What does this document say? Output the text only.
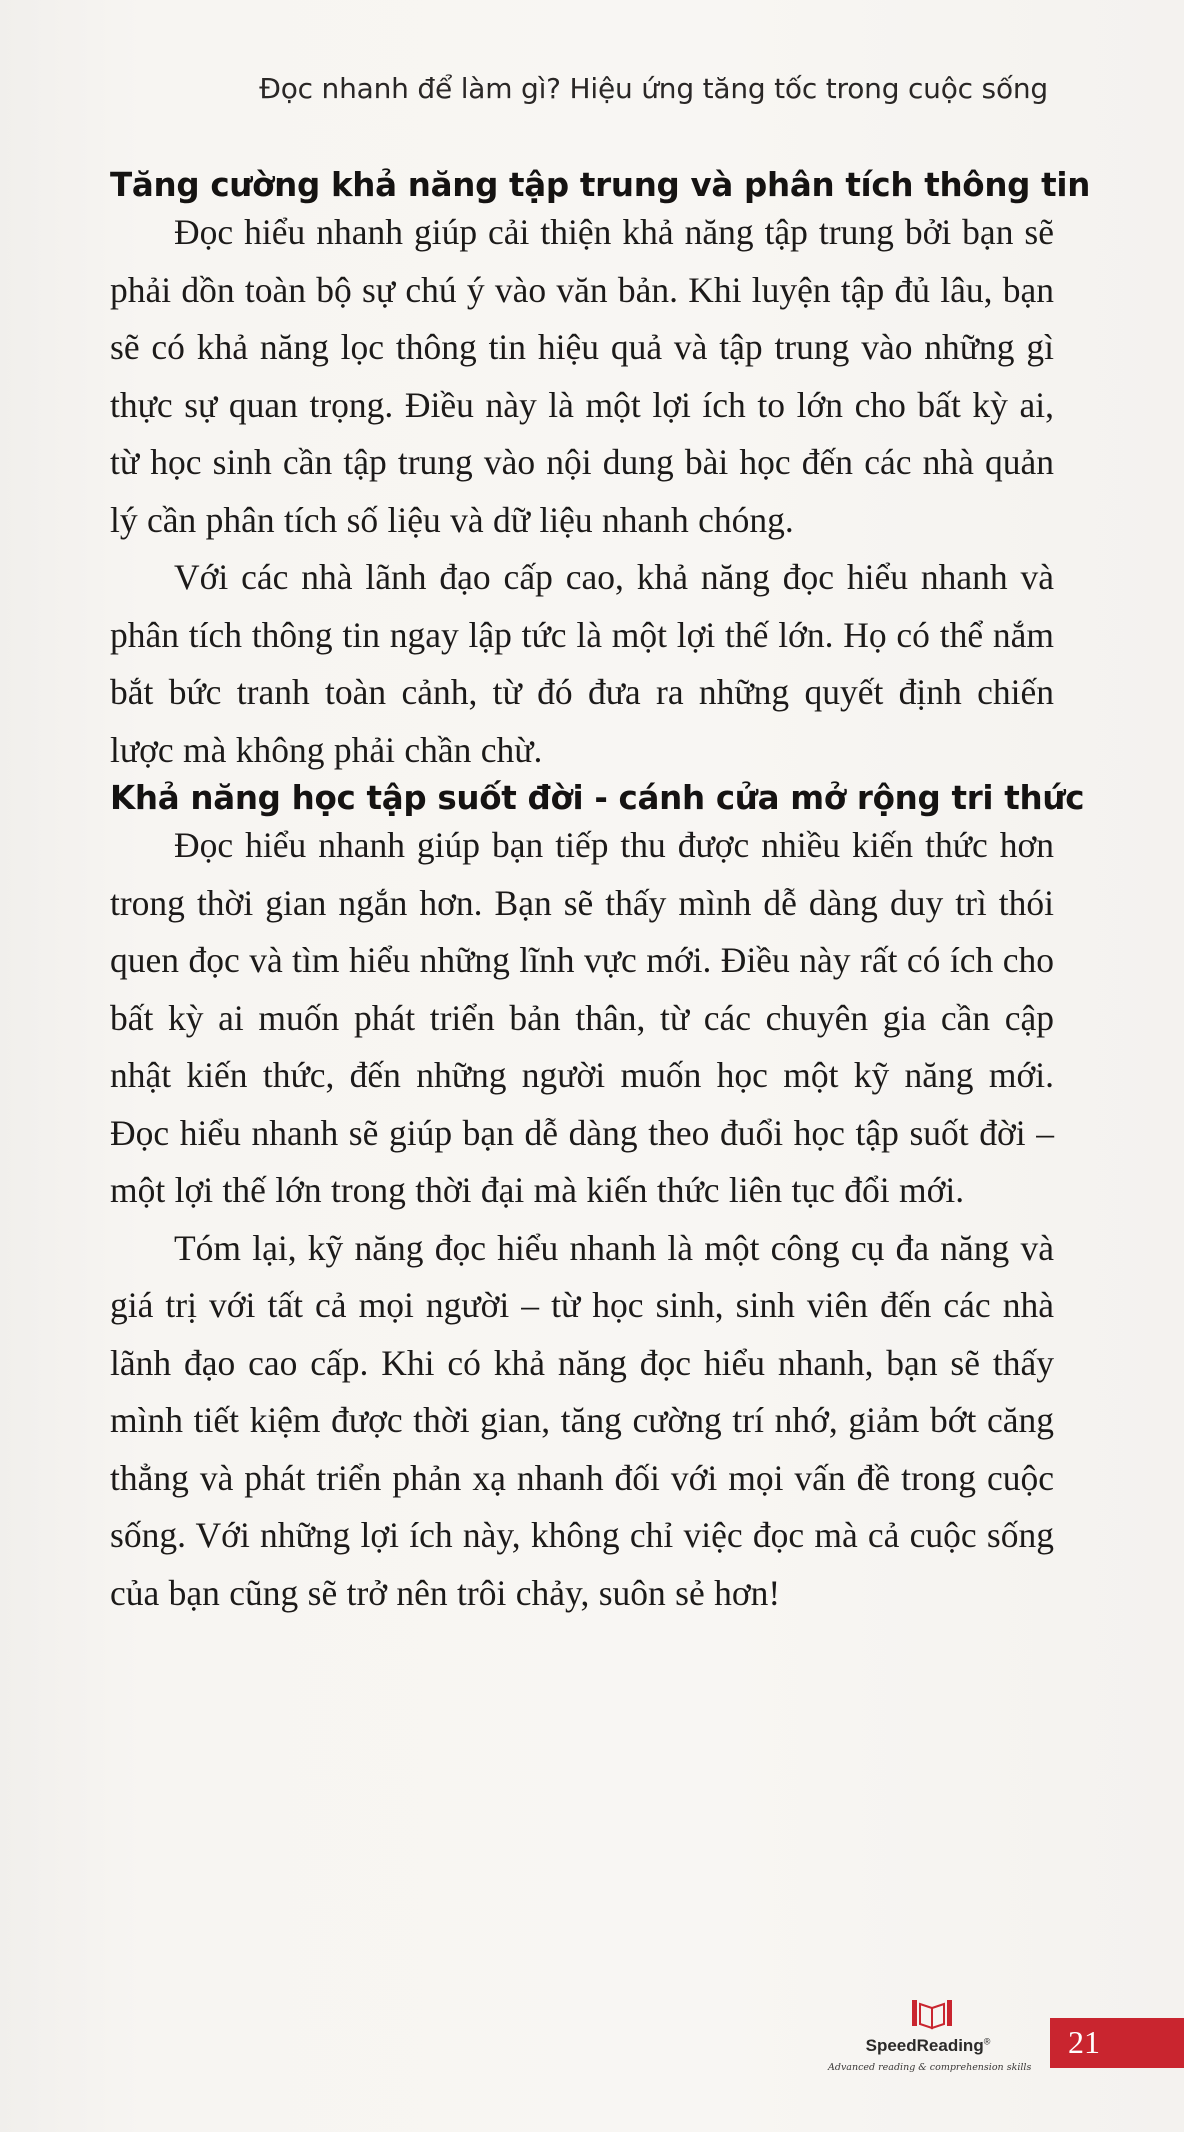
Đọc nhanh để làm gì? Hiệu ứng tăng tốc trong cuộc sống
Tăng cường khả năng tập trung và phân tích thông tin

Đọc hiểu nhanh giúp cải thiện khả năng tập trung bởi bạn sẽ phải dồn toàn bộ sự chú ý vào văn bản. Khi luyện tập đủ lâu, bạn sẽ có khả năng lọc thông tin hiệu quả và tập trung vào những gì thực sự quan trọng. Điều này là một lợi ích to lớn cho bất kỳ ai, từ học sinh cần tập trung vào nội dung bài học đến các nhà quản lý cần phân tích số liệu và dữ liệu nhanh chóng.

Với các nhà lãnh đạo cấp cao, khả năng đọc hiểu nhanh và phân tích thông tin ngay lập tức là một lợi thế lớn. Họ có thể nắm bắt bức tranh toàn cảnh, từ đó đưa ra những quyết định chiến lược mà không phải chần chừ.

Khả năng học tập suốt đời - cánh cửa mở rộng tri thức

Đọc hiểu nhanh giúp bạn tiếp thu được nhiều kiến thức hơn trong thời gian ngắn hơn. Bạn sẽ thấy mình dễ dàng duy trì thói quen đọc và tìm hiểu những lĩnh vực mới. Điều này rất có ích cho bất kỳ ai muốn phát triển bản thân, từ các chuyên gia cần cập nhật kiến thức, đến những người muốn học một kỹ năng mới. Đọc hiểu nhanh sẽ giúp bạn dễ dàng theo đuổi học tập suốt đời – một lợi thế lớn trong thời đại mà kiến thức liên tục đổi mới.

Tóm lại, kỹ năng đọc hiểu nhanh là một công cụ đa năng và giá trị với tất cả mọi người – từ học sinh, sinh viên đến các nhà lãnh đạo cao cấp. Khi có khả năng đọc hiểu nhanh, bạn sẽ thấy mình tiết kiệm được thời gian, tăng cường trí nhớ, giảm bớt căng thẳng và phát triển phản xạ nhanh đối với mọi vấn đề trong cuộc sống. Với những lợi ích này, không chỉ việc đọc mà cả cuộc sống của bạn cũng sẽ trở nên trôi chảy, suôn sẻ hơn!

SpeedReading®
Advanced reading & comprehension skills
21
